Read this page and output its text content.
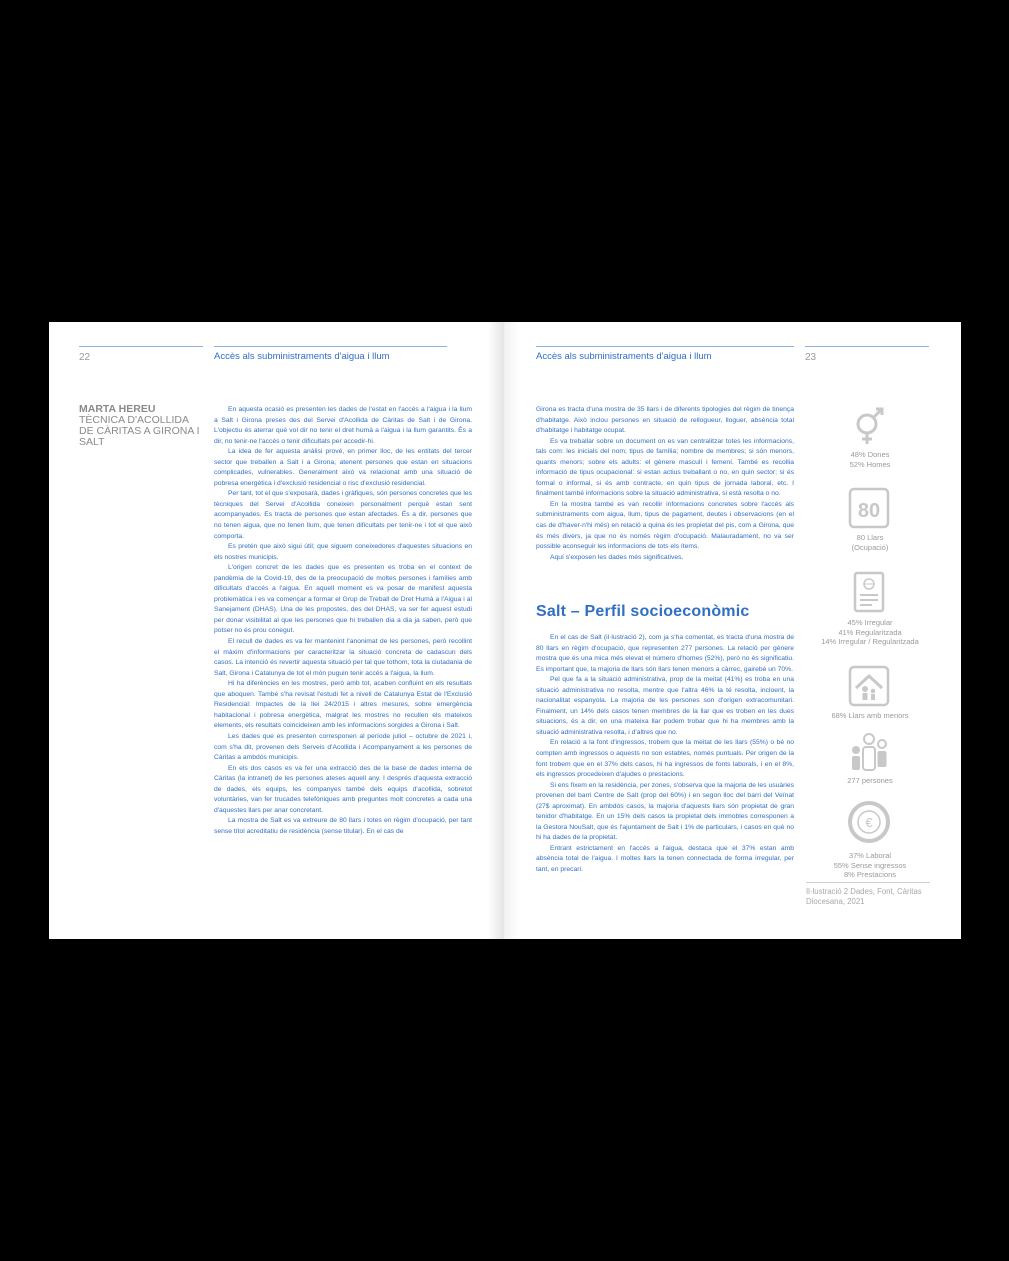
22	Accès als subministraments d'aigua i llum
MARTA HEREU
TÈCNICA D'ACOLLIDA DE CÀRITAS A GIRONA I SALT

En aquesta ocasió es presenten les dades de l'estat en l'accés a l'aigua i la llum a Salt i Girona preses des del Servei d'Acollida de Càritas de Salt i de Girona. L'objectiu és aterrar què vol dir no tenir el dret humà a l'aigua i la llum garantits. És a dir, no tenir-ne l'accés o tenir dificultats per accedir-hi.

La idea de fer aquesta anàlisi prové, en primer lloc, de les entitats del tercer sector que treballen a Salt i a Girona, atenent persones que estan en situacions complicades, vulnerables. Generalment això va relacionat amb una situació de pobresa energètica i d'exclusió residencial o risc d'exclusió residencial.

Per tant, tot el que s'exposarà, dades i gràfiques, són persones concretes que les tècniques del Servei d'Acollida coneixen personalment perquè estan sent acompanyades. Es tracta de persones que estan afectades. És a dir, persones que no tenen aigua, que no tenen llum, que tenen dificultats per tenir-ne i tot el que això comporta.

Es pretén que això sigui útil; que siguem coneixedores d'aquestes situacions en els nostres municipis.

L'origen concret de les dades que es presenten es troba en el context de pandèmia de la Covid-19, des de la preocupació de moltes persones i famílies amb dificultats d'accés a l'aigua. En aquell moment es va posar de manifest aquesta problemàtica i es va començar a formar el Grup de Treball de Dret Humà a l'Aigua i al Sanejament (DHAS). Una de les propostes, des del DHAS, va ser fer aquest estudi per donar visibilitat al que les persones que hi treballen dia a dia ja saben, però que potser no és prou conegut.

El recull de dades es va fer mantenint l'anonimat de les persones, però recollint el màxim d'informacions per caracteritzar la situació concreta de cadascun dels casos. La intenció és revertir aquesta situació per tal que tothom, tota la ciutadania de Salt, Girona i Catalunya de tot el món puguin tenir accés a l'aigua, la llum.

Hi ha diferències en les mostres, però amb tot, acaben confluint en els resultats que aboquen. També s'ha revisat l'estudi fet a nivell de Catalunya Estat de l'Exclusió Residencial: Impactes de la llei 24/2015 i altres mesures, sobre emergència habitacional i pobresa energètica, malgrat les mostres no recullen els mateixos elements, els resultats coincideixen amb les informacions sorgides a Girona i Salt.

Les dades que es presenten corresponen al període juliol – octubre de 2021 i, com s'ha dit, provenen dels Serveis d'Acollida i Acompanyament a les persones de Càritas a ambdós municipis.

En els dos casos es va fer una extracció des de la base de dades interna de Càritas (la intranet) de les persones ateses aquell any. I després d'aquesta extracció de dades, els equips, les companyes també dels equips d'acollida, sobretot voluntàries, van fer trucades telefòniques amb preguntes molt concretes a cada una d'aquestes llars per anar concretant.

La mostra de Salt es va extreure de 80 llars i totes en règim d'ocupació, per tant sense títol acreditatiu de residència (sense titular). En el cas de

Accès als subministraments d'aigua i llum	23

Girona es tracta d'una mostra de 35 llars i de diferents tipologies del règim de tinença d'habitatge. Això inclou persones en situació de rellogueur, lloguer, absència total d'habitatge i habitatge ocupat.

Es va treballar sobre un document on es van centralitzar totes les informacions, tals com: les inicials del nom; tipus de família; nombre de membres; si són menors, quants menors; sobre els adults: el gènere masculí i femení. També es recollia informació de tipus ocupacional: si estan actius treballant o no, en quin sector; si és formal o informal, si és amb contracte, en quin tipus de jornada laboral, etc. I finalment també informacions sobre la situació administrativa, si està resolta o no.

En la mostra també es van recollir informacions concretes sobre l'accés als subministraments com aigua, llum, tipus de pagament, deutes i observacions (en el cas de d'haver-n'hi més) en relació a quina és les propietat del pis, com a Girona, que és més divers, ja que no és només règim d'ocupació. Malauradament, no va ser possible aconseguir les informacions de tots els ítems.

Aquí s'exposen les dades més significatives.

Salt – Perfil socioeconòmic

En el cas de Salt (il·lustració 2), com ja s'ha comentat, es tracta d'una mostra de 80 llars en règim d'ocupació, que representen 277 persones. La relació per gènere mostra que és una mica més elevat el número d'homes (52%), però no és significatiu. Es important que, la majoria de llars són llars tenen menors a càrrec, gairebé un 70%.

Pel que fa a la situació administrativa, prop de la meitat (41%) es troba en una situació administrativa no resolta, mentre que l'altra 46% la té resolta, incloent, la nacionalitat espanyola. La majoria de les persones son d'origen extracomunitari. Finalment, un 14% dels casos tenen membres de la llar que es troben en les dues situacions, és a dir, en una mateixa llar podem trobar que hi ha membres amb la situació administrativa resolta, i d'altres que no.

En relació a la font d'ingressos, trobem que la meitat de les llars (55%) o bé no compten amb ingressos o aquests no son estables, només puntuals. Per origen de la font trobem que en el 37% dels casos, hi ha ingressos de fonts laborals, i en el 8%, els ingressos procedeixen d'ajudes o prestacions.

Si ens fixem en la residència, per zones, s'observa que la majoria de les usuàries provenen del barri Centre de Salt (prop del 60%) i en segon lloc del barri del Veïnat (27$ aproximat). En ambdós casos, la majoria d'aquests llars són propietat de gran tenidor d'habitatge. En un 15% dels casos la propietat dels immobles corresponen a la Gestora NouSalt, que és l'ajuntament de Salt i 1% de particulars, i casos en què no hi ha dades de la propietat.

Entrant estrictament en l'accés a l'aigua, destaca que el 37% estan amb absència total de l'aigua. I moltes llars la tenen connectada de forma irregular, per tant, en precari.

48% Dones
52% Homes
80
80 Llars
(Ocupació)
45% Irregular
41% Regularitzada
14% Irregular / Regularitzada
68% Llars amb menors
277 persones
€
37% Laboral
55% Sense ingressos
8% Prestacions
Il·lustració 2 Dades, Font, Càritas Diocesana, 2021
